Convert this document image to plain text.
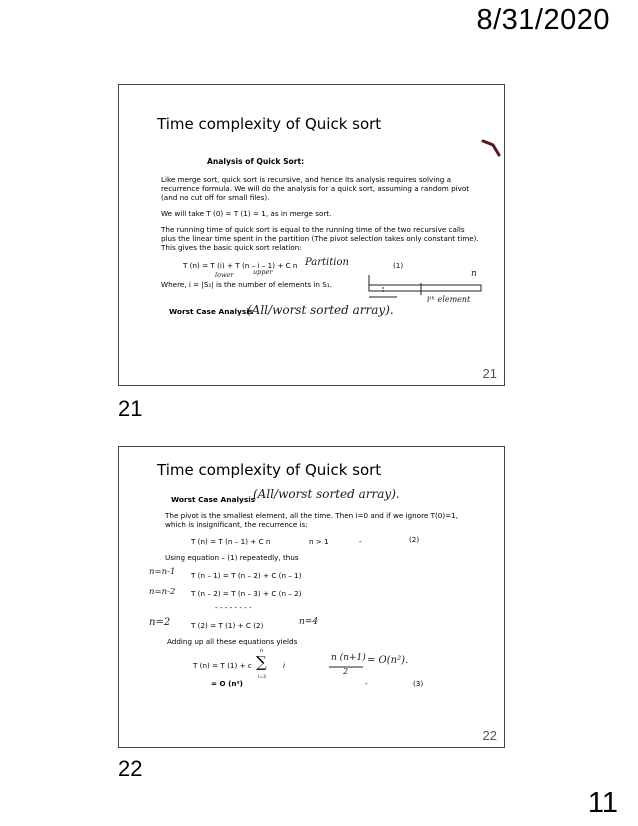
8/31/2020
11
Time complexity of Quick sort
Analysis of Quick Sort:
Like merge sort, quick sort is recursive, and hence its analysis requires solving a
recurrence formula. We will do the analysis for a quick sort, assuming a random pivot
(and no cut off for small files).
We will take T (0) = T (1) = 1, as in merge sort.
The running time of quick sort is equal to the running time of the two recursive calls
plus the linear time spent in the partition (The pivot selection takes only constant time).
This gives the basic quick sort relation:
T (n) = T (i) + T (n – i – 1) + C n	(1)
Partition
lower	upper
Where, i = |S₁| is the number of elements in S₁.
n
iᵗʰ element
Worst Case Analysis
(All/worst sorted array).
21
21
Time complexity of Quick sort
Worst Case Analysis
(All/worst sorted array).
The pivot is the smallest element, all the time. Then i=0 and if we ignore T(0)=1,
which is insignificant, the recurrence is:
T (n) = T (n – 1) + C n	n > 1	-	(2)
Using equation – (1) repeatedly, thus
n=n-1 T (n – 1) = T (n – 2) + C (n – 1)
n=n-2 T (n – 2) = T (n – 3) + C (n – 2)
- - - - - - - -
n=2	T (2) = T (1) + C (2)	n=4
Adding up all these equations yields
T (n) = T (1) + c
n
∑
i=3
i
n (n+1)
2
= O(n²).
= O (n²)	-	(3)
22
22
